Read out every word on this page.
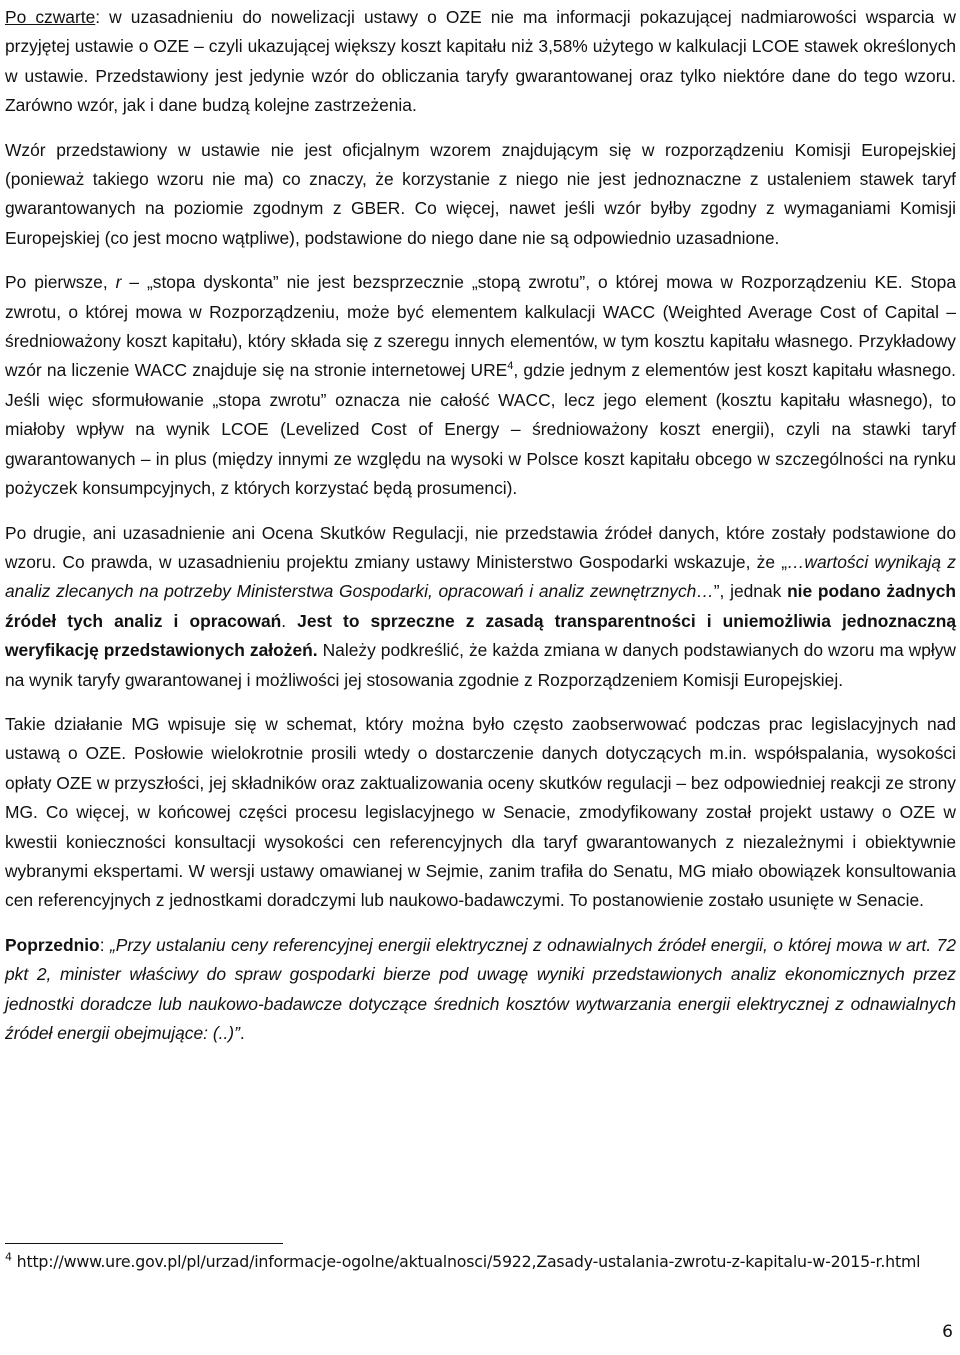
Po czwarte: w uzasadnieniu do nowelizacji ustawy o OZE nie ma informacji pokazującej nadmiarowości wsparcia w przyjętej ustawie o OZE – czyli ukazującej większy koszt kapitału niż 3,58% użytego w kalkulacji LCOE stawek określonych w ustawie. Przedstawiony jest jedynie wzór do obliczania taryfy gwarantowanej oraz tylko niektóre dane do tego wzoru. Zarówno wzór, jak i dane budzą kolejne zastrzeżenia.

Wzór przedstawiony w ustawie nie jest oficjalnym wzorem znajdującym się w rozporządzeniu Komisji Europejskiej (ponieważ takiego wzoru nie ma) co znaczy, że korzystanie z niego nie jest jednoznaczne z ustaleniem stawek taryf gwarantowanych na poziomie zgodnym z GBER. Co więcej, nawet jeśli wzór byłby zgodny z wymaganiami Komisji Europejskiej (co jest mocno wątpliwe), podstawione do niego dane nie są odpowiednio uzasadnione.

Po pierwsze, r – „stopa dyskonta” nie jest bezsprzecznie „stopą zwrotu”, o której mowa w Rozporządzeniu KE. Stopa zwrotu, o której mowa w Rozporządzeniu, może być elementem kalkulacji WACC (Weighted Average Cost of Capital – średnioważony koszt kapitału), który składa się z szeregu innych elementów, w tym kosztu kapitału własnego. Przykładowy wzór na liczenie WACC znajduje się na stronie internetowej URE$^4$, gdzie jednym z elementów jest koszt kapitału własnego. Jeśli więc sformułowanie „stopa zwrotu” oznacza nie całość WACC, lecz jego element (kosztu kapitału własnego), to miałoby wpływ na wynik LCOE (Levelized Cost of Energy – średnioważony koszt energii), czyli na stawki taryf gwarantowanych – in plus (między innymi ze względu na wysoki w Polsce koszt kapitału obcego w szczególności na rynku pożyczek konsumpcyjnych, z których korzystać będą prosumenci).

Po drugie, ani uzasadnienie ani Ocena Skutków Regulacji, nie przedstawia źródeł danych, które zostały podstawione do wzoru. Co prawda, w uzasadnieniu projektu zmiany ustawy Ministerstwo Gospodarki wskazuje, że „…wartości wynikają z analiz zlecanych na potrzeby Ministerstwa Gospodarki, opracowań i analiz zewnętrznych…”, jednak nie podano żadnych źródeł tych analiz i opracowań. Jest to sprzeczne z zasadą transparentności i uniemożliwia jednoznaczną weryfikację przedstawionych założeń. Należy podkreślić, że każda zmiana w danych podstawianych do wzoru ma wpływ na wynik taryfy gwarantowanej i możliwości jej stosowania zgodnie z Rozporządzeniem Komisji Europejskiej.

Takie działanie MG wpisuje się w schemat, który można było często zaobserwować podczas prac legislacyjnych nad ustawą o OZE. Posłowie wielokrotnie prosili wtedy o dostarczenie danych dotyczących m.in. współspalania, wysokości opłaty OZE w przyszłości, jej składników oraz zaktualizowania oceny skutków regulacji – bez odpowiedniej reakcji ze strony MG. Co więcej, w końcowej części procesu legislacyjnego w Senacie, zmodyfikowany został projekt ustawy o OZE w kwestii konieczności konsultacji wysokości cen referencyjnych dla taryf gwarantowanych z niezależnymi i obiektywnie wybranymi ekspertami. W wersji ustawy omawianej w Sejmie, zanim trafiła do Senatu, MG miało obowiązek konsultowania cen referencyjnych z jednostkami doradczymi lub naukowo-badawczymi. To postanowienie zostało usunięte w Senacie.

Poprzednio: „Przy ustalaniu ceny referencyjnej energii elektrycznej z odnawialnych źródeł energii, o której mowa w art. 72 pkt 2, minister właściwy do spraw gospodarki bierze pod uwagę wyniki przedstawionych analiz ekonomicznych przez jednostki doradcze lub naukowo-badawcze dotyczące średnich kosztów wytwarzania energii elektrycznej z odnawialnych źródeł energii obejmujące: (..)”.

$^4$ http://www.ure.gov.pl/pl/urzad/informacje-ogolne/aktualnosci/5922,Zasady-ustalania-zwrotu-z-kapitalu-w-2015-r.html
6
